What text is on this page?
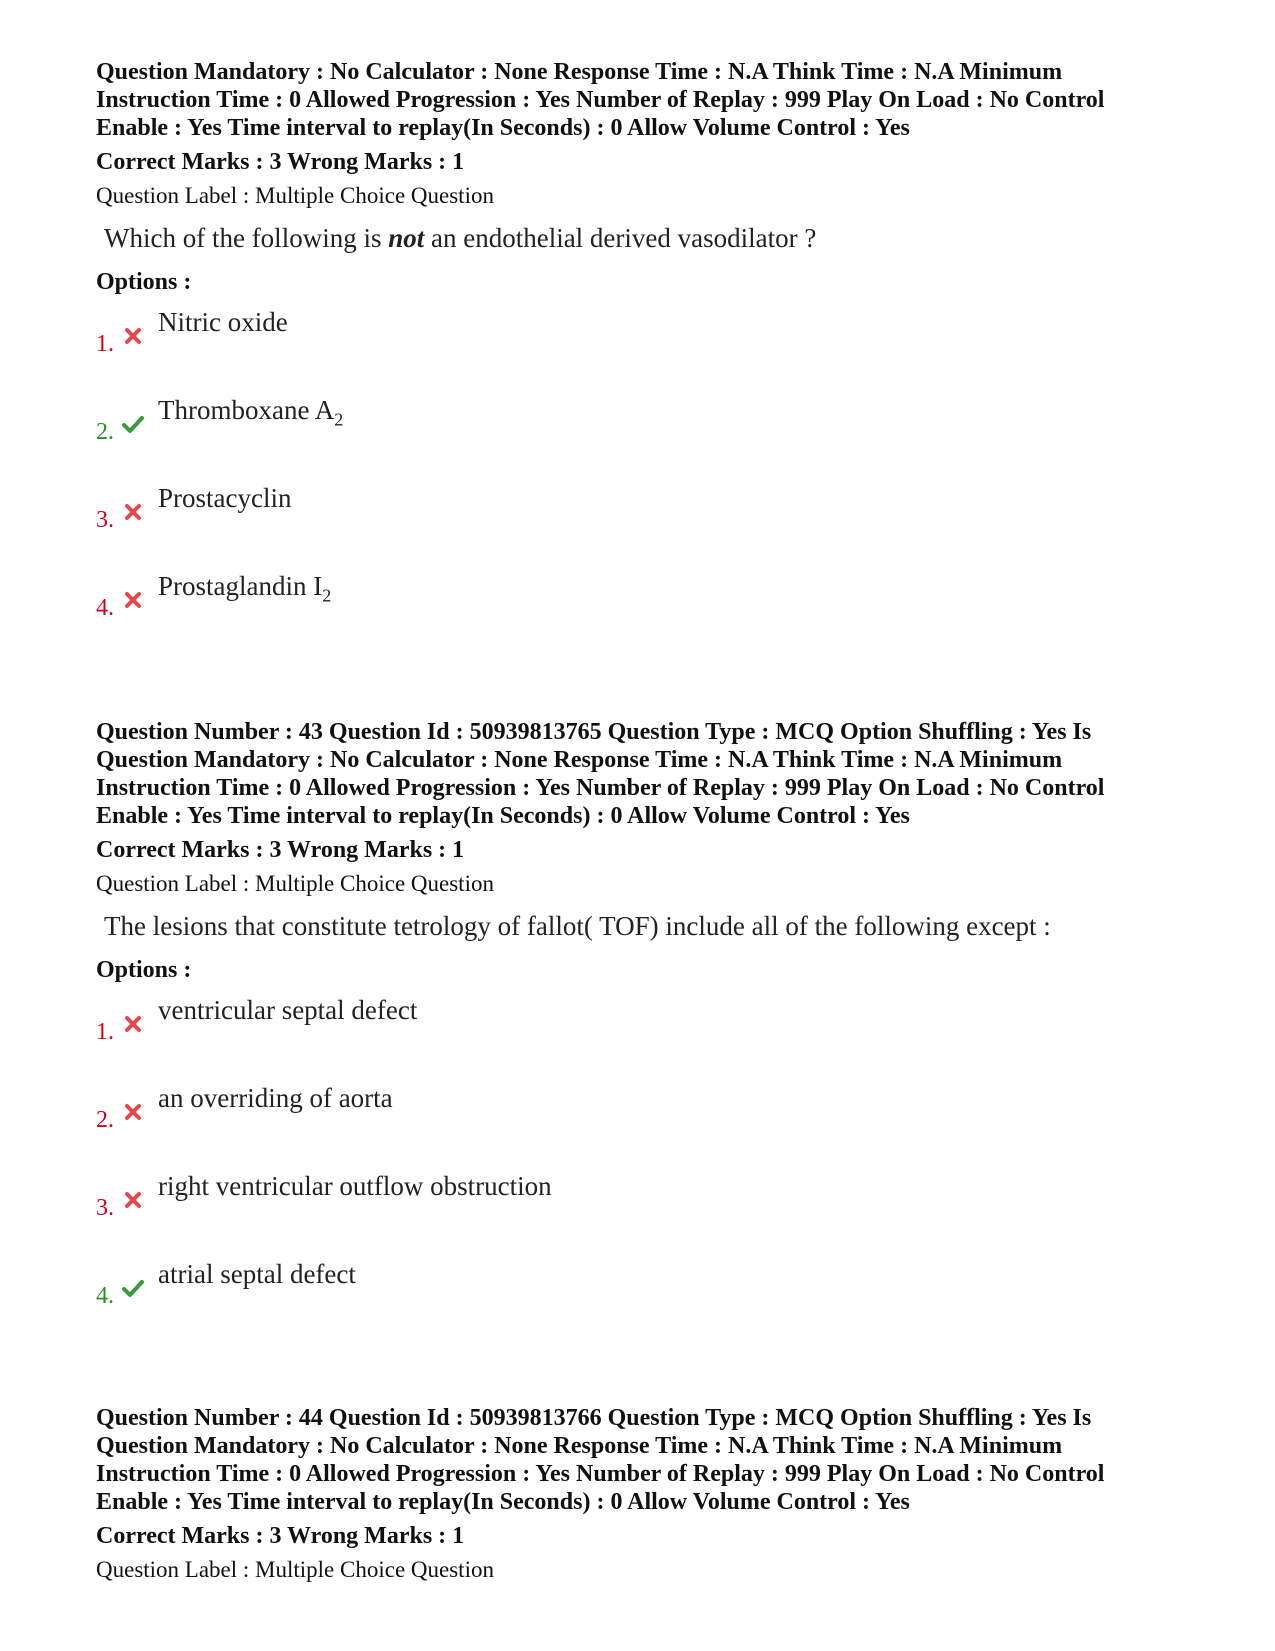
Question Mandatory : No Calculator : None Response Time : N.A Think Time : N.A Minimum

Instruction Time : 0 Allowed Progression : Yes Number of Replay : 999 Play On Load : No Control

Enable : Yes Time interval to replay(In Seconds) : 0 Allow Volume Control : Yes

Correct Marks : 3 Wrong Marks : 1
Question Label : Multiple Choice Question
Which of the following is not an endothelial derived vasodilator ?
Options :
1.
Nitric oxide
2.
Thromboxane $A_2$
3.
Prostacyclin
4.
Prostaglandin $I_2$

Question Number : 43 Question Id : 50939813765 Question Type : MCQ Option Shuffling : Yes Is

Question Mandatory : No Calculator : None Response Time : N.A Think Time : N.A Minimum

Instruction Time : 0 Allowed Progression : Yes Number of Replay : 999 Play On Load : No Control

Enable : Yes Time interval to replay(In Seconds) : 0 Allow Volume Control : Yes

Correct Marks : 3 Wrong Marks : 1
Question Label : Multiple Choice Question
The lesions that constitute tetrology of fallot( TOF) include all of the following except :
Options :
1.
ventricular septal defect
2.
an overriding of aorta
3.
right ventricular outflow obstruction
4.
atrial septal defect

Question Number : 44 Question Id : 50939813766 Question Type : MCQ Option Shuffling : Yes Is

Question Mandatory : No Calculator : None Response Time : N.A Think Time : N.A Minimum

Instruction Time : 0 Allowed Progression : Yes Number of Replay : 999 Play On Load : No Control

Enable : Yes Time interval to replay(In Seconds) : 0 Allow Volume Control : Yes

Correct Marks : 3 Wrong Marks : 1
Question Label : Multiple Choice Question
